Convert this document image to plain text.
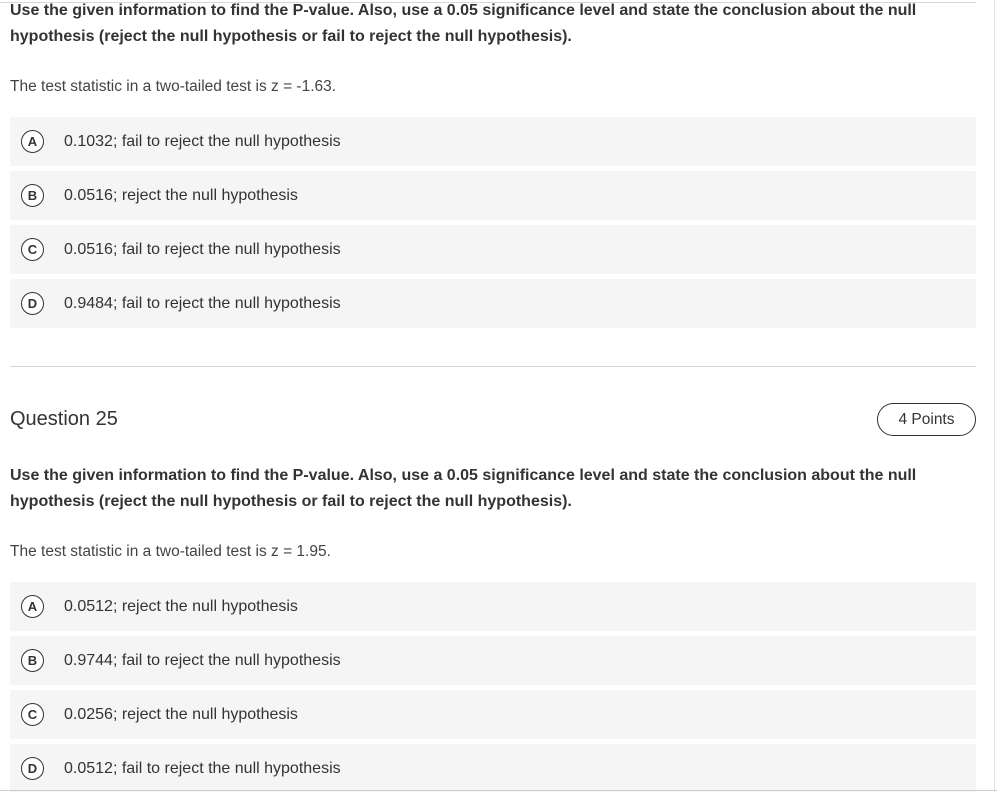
Use the given information to find the P-value. Also, use a 0.05 significance level and state the conclusion about the null hypothesis (reject the null hypothesis or fail to reject the null hypothesis).

The test statistic in a two-tailed test is z = -1.63.
A	0.1032; fail to reject the null hypothesis
B	0.0516; reject the null hypothesis
C	0.0516; fail to reject the null hypothesis
D	0.9484; fail to reject the null hypothesis
Question 25	4 Points

Use the given information to find the P-value. Also, use a 0.05 significance level and state the conclusion about the null hypothesis (reject the null hypothesis or fail to reject the null hypothesis).

The test statistic in a two-tailed test is z = 1.95.
A	0.0512; reject the null hypothesis
B	0.9744; fail to reject the null hypothesis
C	0.0256; reject the null hypothesis
D	0.0512; fail to reject the null hypothesis
